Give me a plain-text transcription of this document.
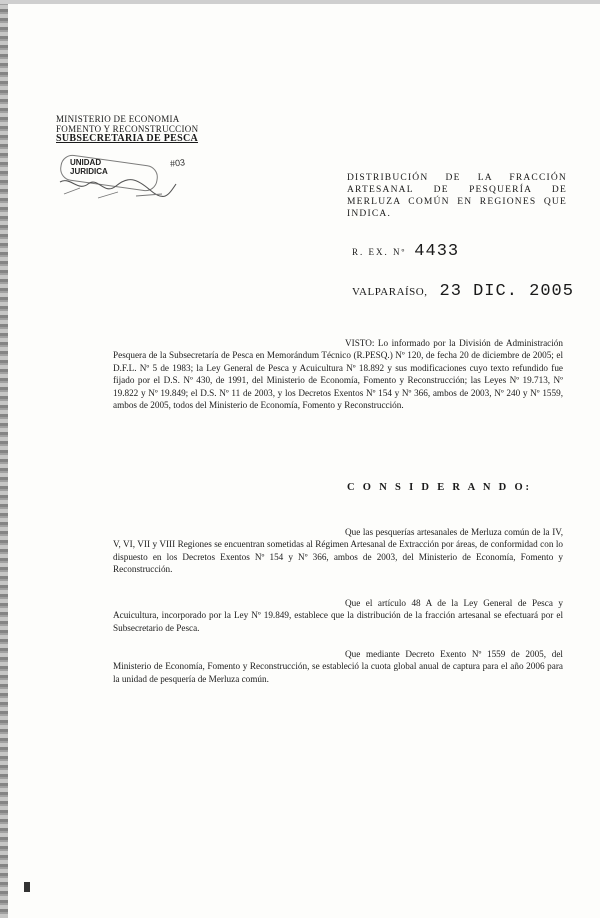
MINISTERIO DE ECONOMIA
FOMENTO Y RECONSTRUCCION
SUBSECRETARIA DE PESCA
UNIDAD
JURIDICA
#03
DISTRIBUCIÓN DE LA FRACCIÓN ARTESANAL DE PESQUERÍA DE MERLUZA COMÚN EN REGIONES QUE INDICA.
R. EX. Nº 4433
VALPARAÍSO, 23 DIC. 2005
VISTO: Lo informado por la División de Administración Pesquera de la Subsecretaría de Pesca en Memorándum Técnico (R.PESQ.) Nº 120, de fecha 20 de diciembre de 2005; el D.F.L. Nº 5 de 1983; la Ley General de Pesca y Acuicultura Nº 18.892 y sus modificaciones cuyo texto refundido fue fijado por el D.S. Nº 430, de 1991, del Ministerio de Economía, Fomento y Reconstrucción; las Leyes Nº 19.713, Nº 19.822 y Nº 19.849; el D.S. Nº 11 de 2003, y los Decretos Exentos Nº 154 y Nº 366, ambos de 2003, Nº 240 y Nº 1559, ambos de 2005, todos del Ministerio de Economía, Fomento y Reconstrucción.
C O N S I D E R A N D O:
Que las pesquerías artesanales de Merluza común de la IV, V, VI, VII y VIII Regiones se encuentran sometidas al Régimen Artesanal de Extracción por áreas, de conformidad con lo dispuesto en los Decretos Exentos Nº 154 y Nº 366, ambos de 2003, del Ministerio de Economía, Fomento y Reconstrucción.
Que el artículo 48 A de la Ley General de Pesca y Acuicultura, incorporado por la Ley Nº 19.849, establece que la distribución de la fracción artesanal se efectuará por el Subsecretario de Pesca.
Que mediante Decreto Exento Nº 1559 de 2005, del Ministerio de Economía, Fomento y Reconstrucción, se estableció la cuota global anual de captura para el año 2006 para la unidad de pesquería de Merluza común.
